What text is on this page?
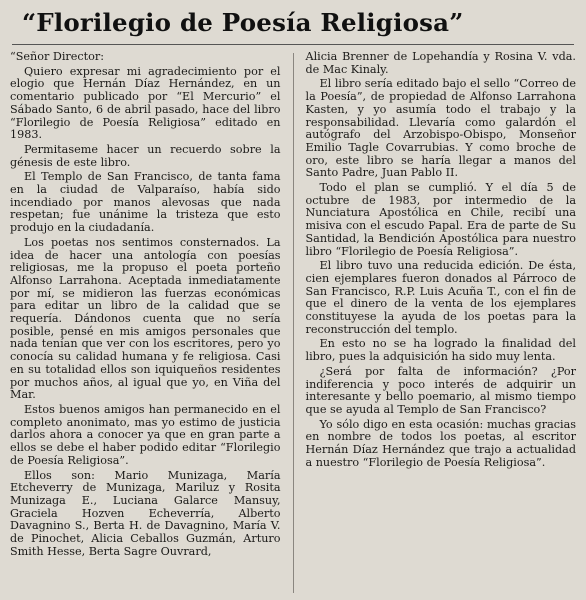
“Florilegio de Poesía Religiosa”

“Señor Director:

Quiero expresar mi agradecimiento por el elogio que Hernán Díaz Hernández, en un comentario publicado por “El Mercurio” el Sábado Santo, 6 de abril pasado, hace del libro “Florilegio de Poesía Religiosa” editado en 1983.

Permitaseme hacer un recuerdo sobre la génesis de este libro.

El Templo de San Francisco, de tanta fama en la ciudad de Valparaíso, había sido incendiado por manos alevosas que nada respetan; fue unánime la tristeza que esto produjo en la ciudadanía.

Los poetas nos sentimos consternados. La idea de hacer una antología con poesías religiosas, me la propuso el poeta porteño Alfonso Larrahona. Aceptada inmediatamente por mí, se midieron las fuerzas económicas para editar un libro de la calidad que se requería. Dándonos cuenta que no sería posible, pensé en mis amigos personales que nada tenían que ver con los escritores, pero yo conocía su calidad humana y fe religiosa. Casi en su totalidad ellos son iquiqueños residentes por muchos años, al igual que yo, en Viña del Mar.

Estos buenos amigos han permanecido en el completo anonimato, mas yo estimo de justicia darlos ahora a conocer ya que en gran parte a ellos se debe el haber podido editar “Florilegio de Poesía Religiosa”.

Ellos son: Mario Munizaga, María Etcheverry de Munizaga, Mariluz y Rosita Munizaga E., Luciana Galarce Mansuy, Graciela Hozven Echeverría, Alberto Davagnino S., Berta H. de Davagnino, María V. de Pinochet, Alicia Ceballos Guzmán, Arturo Smith Hesse, Berta Sagre Ouvrard,

Alicia Brenner de Lopehandía y Rosina V. vda. de Mac Kinaly.

El libro sería editado bajo el sello “Correo de la Poesía”, de propiedad de Alfonso Larrahona Kasten, y yo asumía todo el trabajo y la responsabilidad. Llevaría como galardón el autógrafo del Arzobispo-Obispo, Monseñor Emilio Tagle Covarrubias. Y como broche de oro, este libro se haría llegar a manos del Santo Padre, Juan Pablo II.

Todo el plan se cumplió. Y el día 5 de octubre de 1983, por intermedio de la Nunciatura Apostólica en Chile, recibí una misiva con el escudo Papal. Era de parte de Su Santidad, la Bendición Apostólica para nuestro libro “Florilegio de Poesía Religiosa”.

El libro tuvo una reducida edición. De ésta, cien ejemplares fueron donados al Párroco de San Francisco, R.P. Luis Acuña T., con el fin de que el dinero de la venta de los ejemplares constituyese la ayuda de los poetas para la reconstrucción del templo.

En esto no se ha logrado la finalidad del libro, pues la adquisición ha sido muy lenta.

¿Será por falta de información? ¿Por indiferencia y poco interés de adquirir un interesante y bello poemario, al mismo tiempo que se ayuda al Templo de San Francisco?

Yo sólo digo en esta ocasión: muchas gracias en nombre de todos los poetas, al escritor Hernán Díaz Hernández que trajo a actualidad a nuestro “Florilegio de Poesía Religiosa”.
